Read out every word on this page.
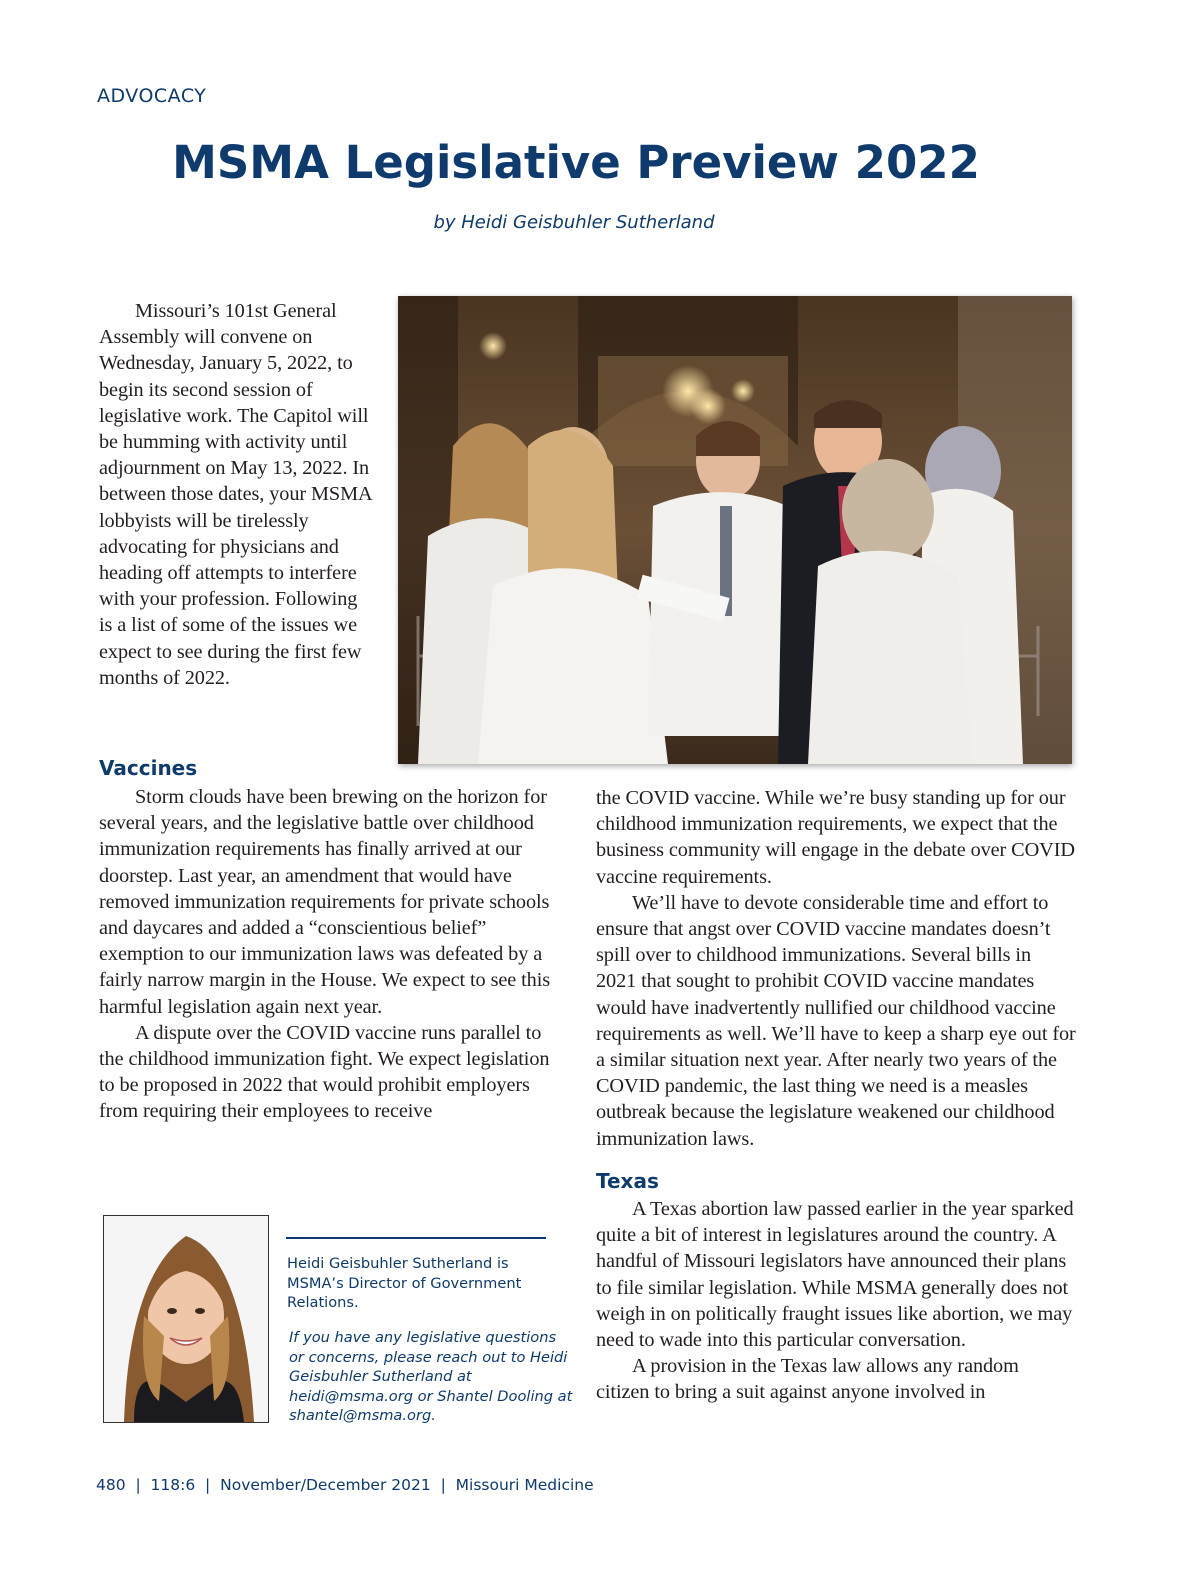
ADVOCACY
MSMA Legislative Preview 2022
by Heidi Geisbuhler Sutherland

Missouri’s 101st General Assembly will convene on Wednesday, January 5, 2022, to begin its second session of legislative work. The Capitol will be humming with activity until adjournment on May 13, 2022. In between those dates, your MSMA lobbyists will be tirelessly advocating for physicians and heading off attempts to interfere with your profession. Following is a list of some of the issues we expect to see during the first few months of 2022.

Vaccines

Storm clouds have been brewing on the horizon for several years, and the legislative battle over childhood immunization requirements has finally arrived at our doorstep. Last year, an amendment that would have removed immunization requirements for private schools and daycares and added a “conscientious belief” exemption to our immunization laws was defeated by a fairly narrow margin in the House. We expect to see this harmful legislation again next year.

A dispute over the COVID vaccine runs parallel to the childhood immunization fight. We expect legislation to be proposed in 2022 that would prohibit employers from requiring their employees to receive

the COVID vaccine. While we’re busy standing up for our childhood immunization requirements, we expect that the business community will engage in the debate over COVID vaccine requirements.

We’ll have to devote considerable time and effort to ensure that angst over COVID vaccine mandates doesn’t spill over to childhood immunizations. Several bills in 2021 that sought to prohibit COVID vaccine mandates would have inadvertently nullified our childhood vaccine requirements as well. We’ll have to keep a sharp eye out for a similar situation next year. After nearly two years of the COVID pandemic, the last thing we need is a measles outbreak because the legislature weakened our childhood immunization laws.

Texas

A Texas abortion law passed earlier in the year sparked quite a bit of interest in legislatures around the country. A handful of Missouri legislators have announced their plans to file similar legislation. While MSMA generally does not weigh in on politically fraught issues like abortion, we may need to wade into this particular conversation.

A provision in the Texas law allows any random citizen to bring a suit against anyone involved in

Heidi Geisbuhler Sutherland is MSMA’s Director of Government Relations.

If you have any legislative questions or concerns, please reach out to Heidi Geisbuhler Sutherland at heidi@msma.org or Shantel Dooling at shantel@msma.org.

480  |  118:6  |  November/December 2021  |  Missouri Medicine
